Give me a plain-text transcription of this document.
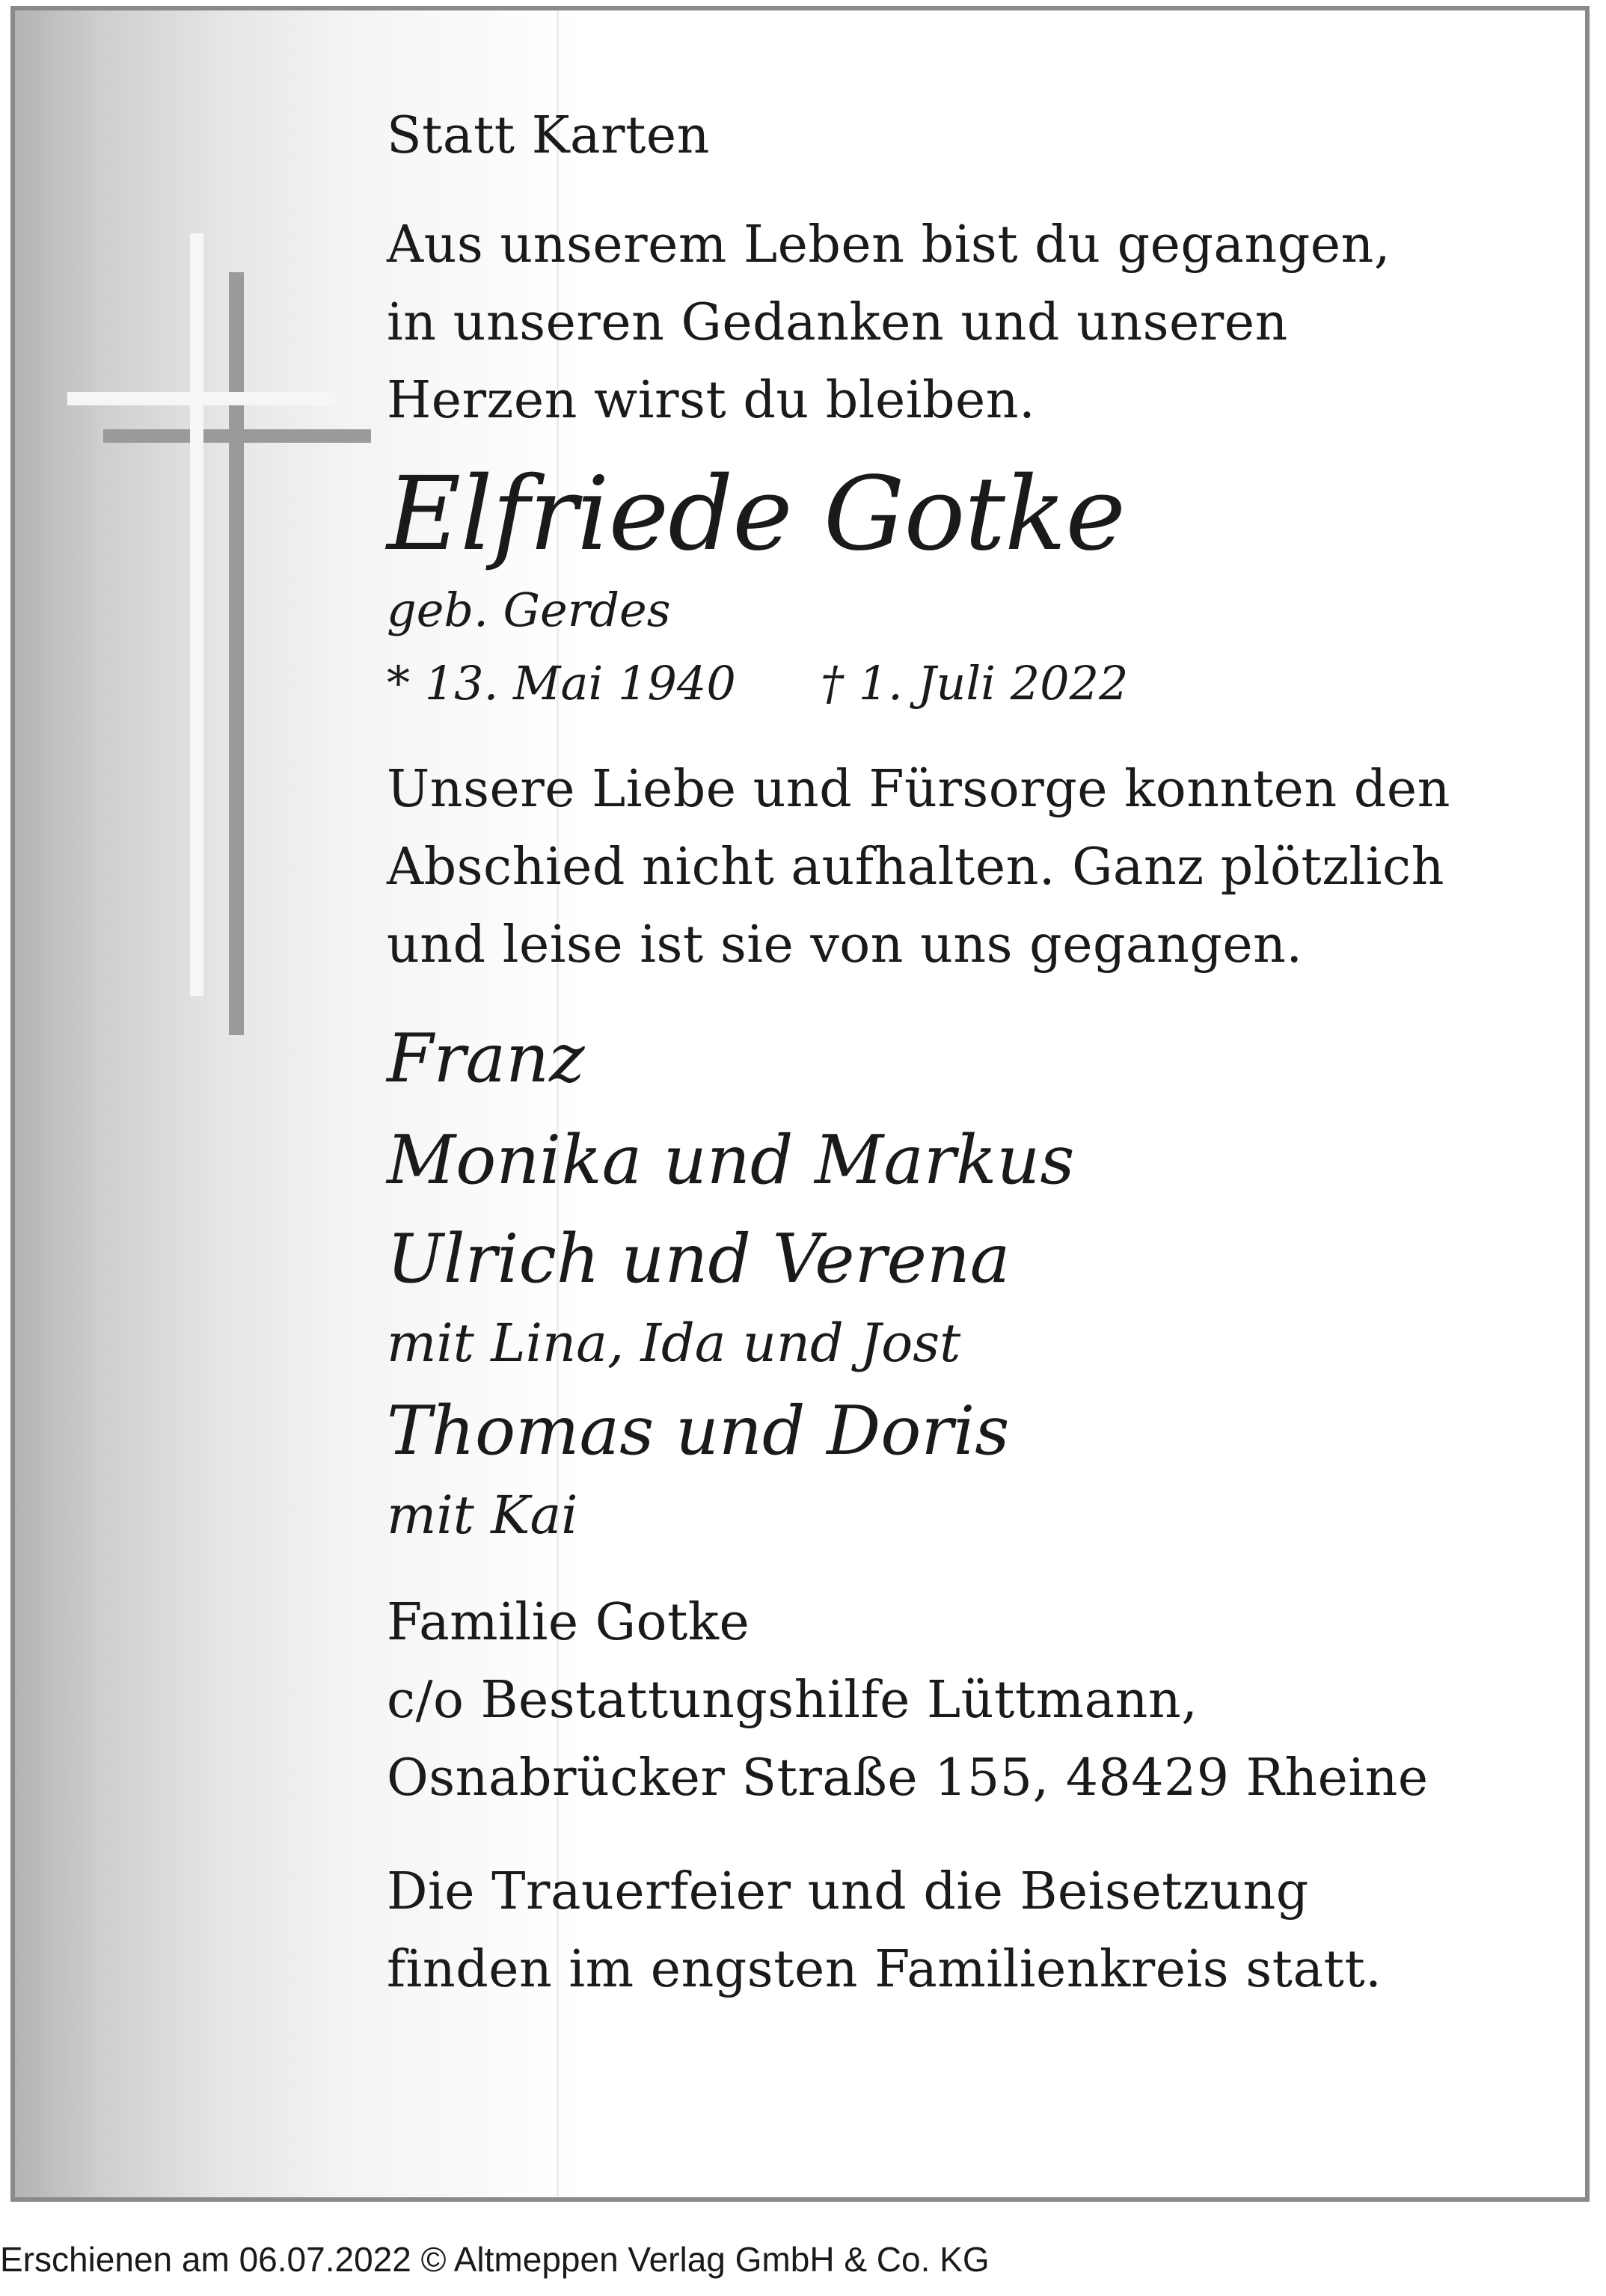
Statt Karten
Aus unserem Leben bist du gegangen,
in unseren Gedanken und unseren
Herzen wirst du bleiben.
Elfriede Gotke
geb. Gerdes
* 13. Mai 1940 † 1. Juli 2022
Unsere Liebe und Fürsorge konnten den
Abschied nicht aufhalten. Ganz plötzlich
und leise ist sie von uns gegangen.
Franz
Monika und Markus
Ulrich und Verena
mit Lina, Ida und Jost
Thomas und Doris
mit Kai
Familie Gotke
c/o Bestattungshilfe Lüttmann,
Osnabrücker Straße 155, 48429 Rheine
Die Trauerfeier und die Beisetzung
finden im engsten Familienkreis statt.
Erschienen am 06.07.2022 © Altmeppen Verlag GmbH & Co. KG
